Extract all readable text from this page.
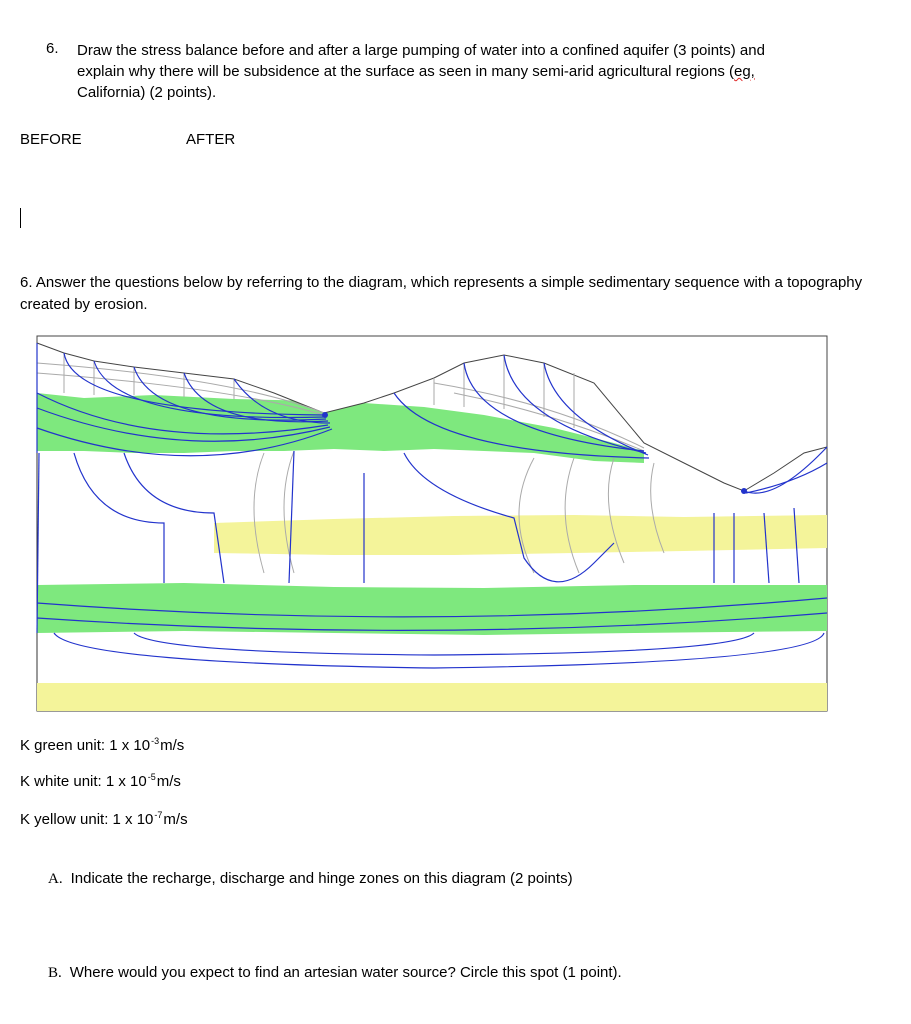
6. Draw the stress balance before and after a large pumping of water into a confined aquifer (3 points) and
explain why there will be subsidence at the surface as seen in many semi-arid agricultural regions (eg,
California) (2 points).
BEFORE	AFTER
6. Answer the questions below by referring to the diagram, which represents a simple sedimentary sequence with a topography created by erosion.
K green unit: 1 x $10^{-3}m/s$
K white unit: 1 x $10^{-5}m/s$
K yellow unit: 1 x $10^{-7}m/s$
A. Indicate the recharge, discharge and hinge zones on this diagram (2 points)
B. Where would you expect to find an artesian water source? Circle this spot (1 point).
